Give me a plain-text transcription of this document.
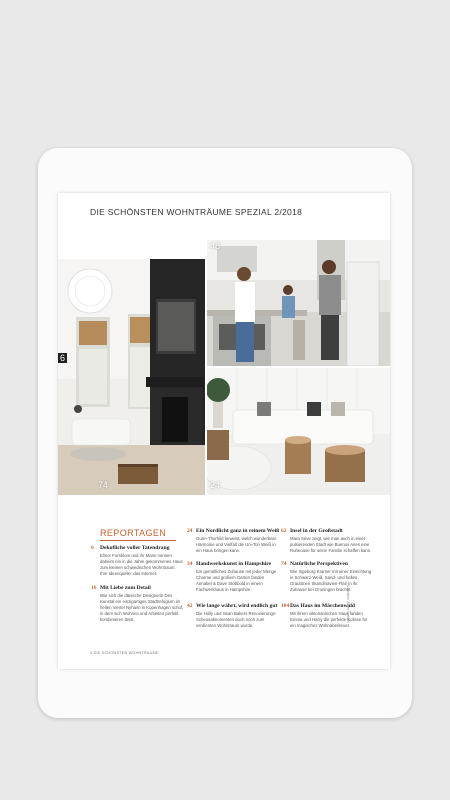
DIE SCHÖNSTEN WOHNTRÄUME SPEZIAL 2/2018
48
74	24
6
REPORTAGEN
6 Dekofliche voller Tatendrang
Elinor Forsblom und ihr Mann nennen daheim ein in die Jahre gekommenes Haus zum kleinen schwedischen Wohntraum. Ihre Ideenquelle: das Internet.
16 Mit Liebe zum Detail
Wie sich die dänische Designerin Des Kunstal ein einzigartiges Stadtrefugium im hellen Viertel Nyhavn in Kopenhagen schuf, in dem sich Wohnen und Arbeiten perfekt kombinieren lässt.
24 Ein Nordlicht ganz in reinem Weiß
Gunn-Thorhild beweist, welch wunderbare Harmonie und Vielfalt die Uni-Ton Weiß in ein Haus bringen kann.
34 Handwerkskunst in Hampshire
Ein gemütliches Zuhause mit jeder Menge Charme und großem Garten fanden Annabel & Dave Stobbold in einem Fachwerkhaus in Hampshire.
42 Wie lange währt, wird endlich gut
Die Holly und Sean Bakers Renovierungs-Scheusalmomenten doch noch zum verdienten Wohntraum wurde.
62 Insel in der Großstadt
Mara Séve zeigt, wie man auch in einer pulsierenden Stadt wie Buenos Aires eine Ruheoase für seine Familie schaffen kann.
74 Natürliche Perspektiven
Wie Ingeborg Kramer mit einer Einrichtung in Schwarz-Weiß, Sand- und hellen Grautönen Skandinavien-Flair in ihr Zuhause bei Groningen brachte.
104 Das Haus im Märchenwald
Mit ihrem viktorianischen Haus fanden Emma und Harry die perfekte Kulisse für ein magisches Wohnabenteuer.
4 DIE SCHÖNSTEN WOHNTRÄUME
Coverfoto: Albert Nielsen
